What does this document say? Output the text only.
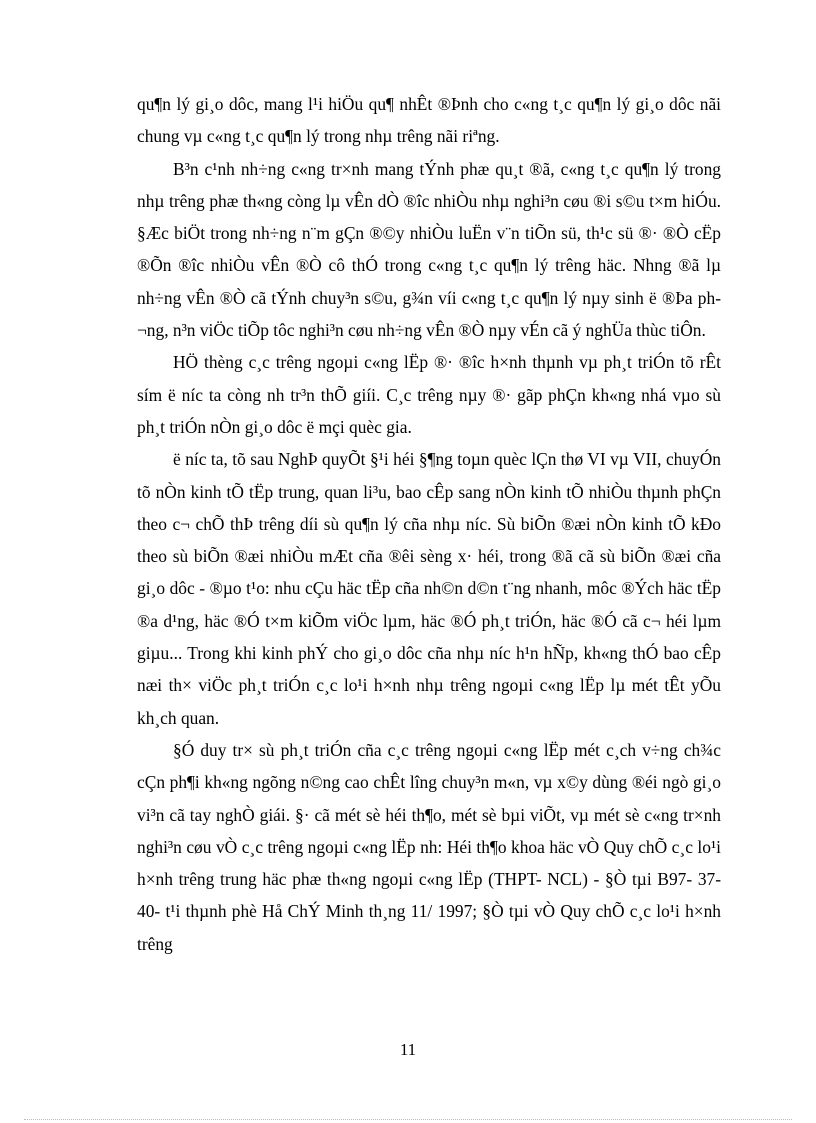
qu¶n lý gi¸o dôc, mang l¹i hiÖu qu¶ nhÊt ®Þnh cho c«ng t¸c qu¶n lý gi¸o dôc nãi chung vµ c«ng t¸c qu¶n lý trong nhµ trêng nãi riªng.

B³n c¹nh nh÷ng c«ng tr×nh mang tÝnh phæ qu¸t ®ã, c«ng t¸c qu¶n lý trong nhµ trêng phæ th«ng còng lµ vÊn dÒ ®îc nhiÒu nhµ nghi³n cøu ®i s©u t×m hiÓu. §Æc biÖt trong nh÷ng n¨m gÇn ®©y nhiÒu luËn v¨n tiÕn sü, th¹c sü ®· ®Ò cËp ®Õn ®îc nhiÒu vÊn ®Ò cô thÓ trong c«ng t¸c qu¶n lý trêng häc. Nhng ®ã lµ nh÷ng vÊn ®Ò cã tÝnh chuy³n s©u, g¾n víi c«ng t¸c qu¶n lý nµy sinh ë ®Þa ph¬ng, n³n viÖc tiÕp tôc nghi³n cøu nh÷ng vÊn ®Ò nµy vÉn cã ý nghÜa thùc tiÔn.

HÖ thèng c¸c trêng ngoµi c«ng lËp ®· ®îc h×nh thµnh vµ ph¸t triÓn tõ rÊt sím ë níc ta còng nh tr³n thÕ giíi. C¸c trêng nµy ®· gãp phÇn kh«ng nhá vµo sù ph¸t triÓn nÒn gi¸o dôc ë mçi quèc gia.

ë níc ta, tõ sau NghÞ quyÕt §¹i héi §¶ng toµn quèc lÇn thø VI vµ VII, chuyÓn tõ nÒn kinh tÕ tËp trung, quan li³u, bao cÊp sang nÒn kinh tÕ nhiÒu thµnh phÇn theo c¬ chÕ thÞ trêng díi sù qu¶n lý cña nhµ níc. Sù biÕn ®æi nÒn kinh tÕ kÐo theo sù biÕn ®æi nhiÒu mÆt cña ®êi sèng x· héi, trong ®ã cã sù biÕn ®æi cña gi¸o dôc - ®µo t¹o: nhu cÇu häc tËp cña nh©n d©n t¨ng nhanh, môc ®Ých häc tËp ®a d¹ng, häc ®Ó t×m kiÕm viÖc lµm, häc ®Ó ph¸t triÓn, häc ®Ó cã c¬ héi lµm giµu... Trong khi kinh phÝ cho gi¸o dôc cña nhµ níc h¹n hÑp, kh«ng thÓ bao cÊp næi th× viÖc ph¸t triÓn c¸c lo¹i h×nh nhµ trêng ngoµi c«ng lËp lµ mét tÊt yÕu kh¸ch quan.

§Ó duy tr× sù ph¸t triÓn cña c¸c trêng ngoµi c«ng lËp mét c¸ch v÷ng ch¾c cÇn ph¶i kh«ng ngõng n©ng cao chÊt lîng chuy³n m«n, vµ x©y dùng ®éi ngò gi¸o vi³n cã tay nghÒ giái. §· cã mét sè héi th¶o, mét sè bµi viÕt, vµ mét sè c«ng tr×nh nghi³n cøu vÒ c¸c trêng ngoµi c«ng lËp nh: Héi th¶o khoa häc vÒ Quy chÕ c¸c lo¹i h×nh trêng trung häc phæ th«ng ngoµi c«ng lËp (THPT- NCL) - §Ò tµi B97- 37- 40- t¹i thµnh phè Hå ChÝ Minh th¸ng 11/ 1997; §Ò tµi vÒ Quy chÕ c¸c lo¹i h×nh trêng

11
